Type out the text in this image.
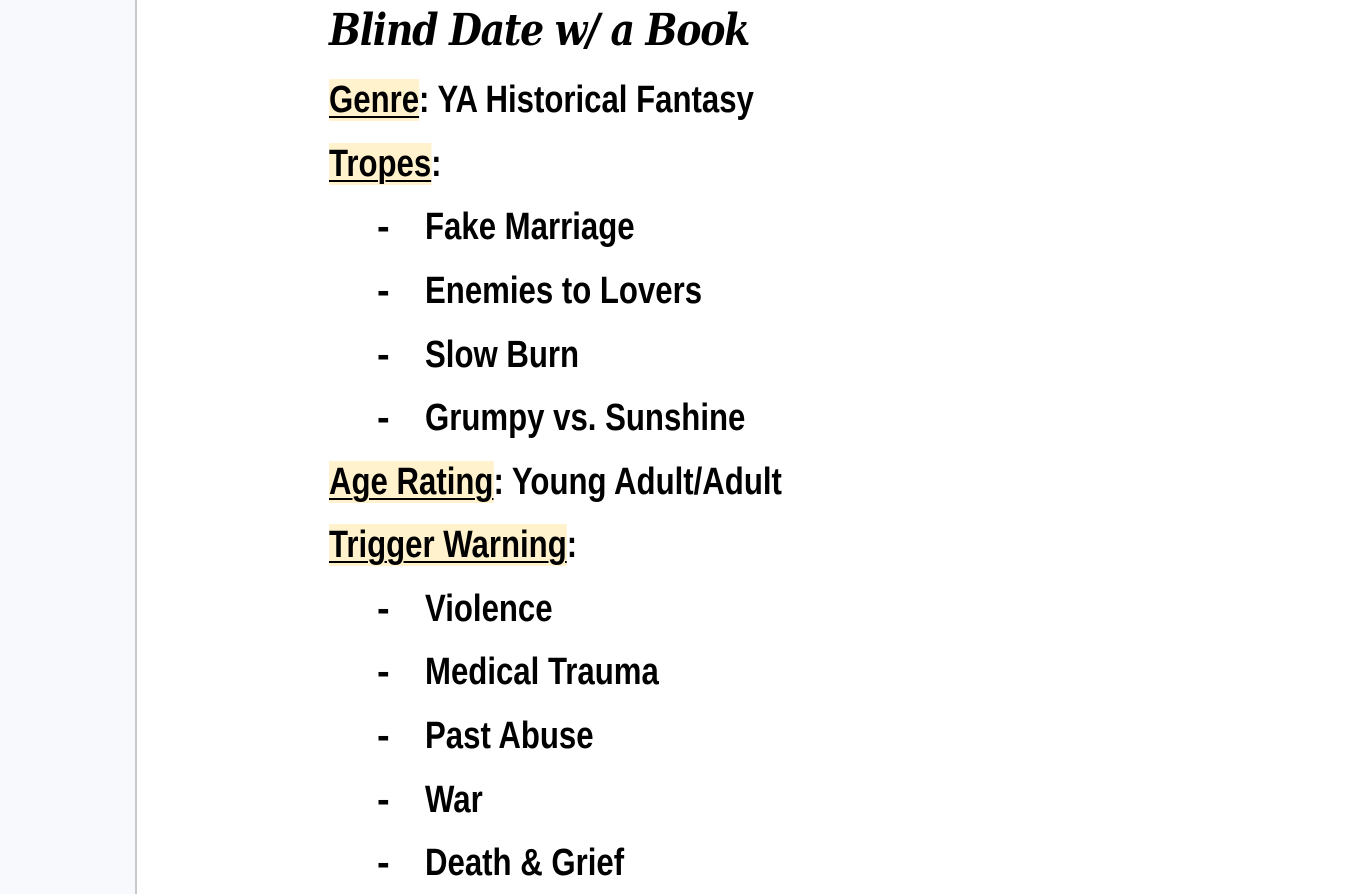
Blind Date w/ a Book
Genre: YA Historical Fantasy
Tropes:
- Fake Marriage
- Enemies to Lovers
- Slow Burn
- Grumpy vs. Sunshine
Age Rating: Young Adult/Adult
Trigger Warning:
- Violence
- Medical Trauma
- Past Abuse
- War
- Death & Grief
